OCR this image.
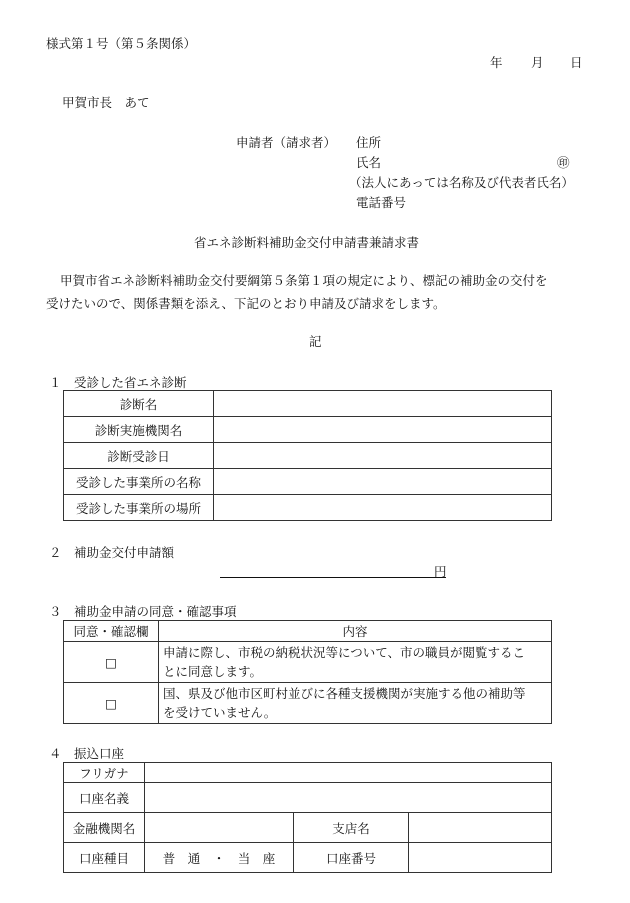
様式第１号（第５条関係）
年 月 日
甲賀市長　あて
申請者（請求者） 住所
氏名	㊞
（法人にあっては名称及び代表者氏名）
電話番号
省エネ診断料補助金交付申請書兼請求書
甲賀市省エネ診断料補助金交付要綱第５条第１項の規定により、標記の補助金の交付を
受けたいので、関係書類を添え、下記のとおり申請及び請求をします。
記
１　受診した省エネ診断
診断名	
診断実施機関名	
診断受診日	
受診した事業所の名称	
受診した事業所の場所	
２　補助金交付申請額
円
３　補助金申請の同意・確認事項
同意・確認欄	内容
□	申請に際し、市税の納税状況等について、市の職員が閲覧するこ
とに同意します。

□	国、県及び他市区町村並びに各種支援機関が実施する他の補助等
を受けていません。
４　振込口座
フリガナ			
口座名義			
金融機関名		支店名	
口座種目	普　通　・　当　座	口座番号	
